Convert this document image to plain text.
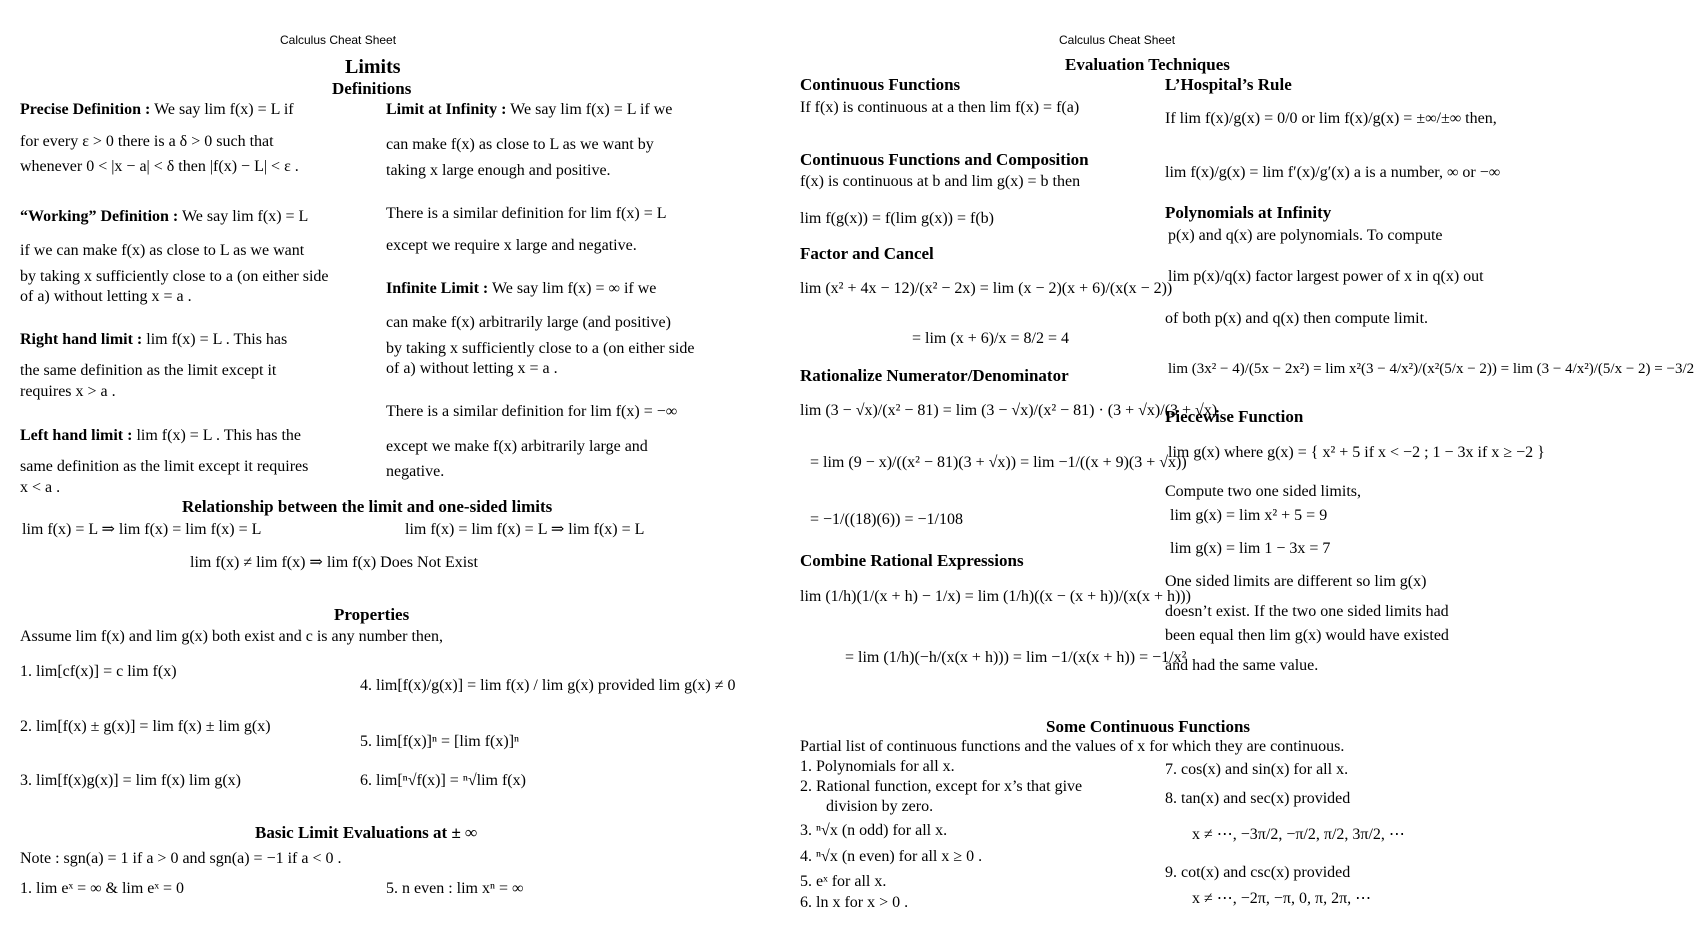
Calculus Cheat Sheet
Limits
Definitions
Precise Definition : We say lim f(x) = L if
for every ε > 0 there is a δ > 0 such that
whenever 0 < |x − a| < δ then |f(x) − L| < ε .
“Working” Definition : We say lim f(x) = L
if we can make f(x) as close to L as we want
by taking x sufficiently close to a (on either side
of a) without letting x = a .
Right hand limit : lim f(x) = L . This has
the same definition as the limit except it
requires x > a .
Left hand limit : lim f(x) = L . This has the
same definition as the limit except it requires
x < a .
Limit at Infinity : We say lim f(x) = L if we
can make f(x) as close to L as we want by
taking x large enough and positive.
There is a similar definition for lim f(x) = L
except we require x large and negative.
Infinite Limit : We say lim f(x) = ∞ if we
can make f(x) arbitrarily large (and positive)
by taking x sufficiently close to a (on either side
of a) without letting x = a .
There is a similar definition for lim f(x) = −∞
except we make f(x) arbitrarily large and
negative.
Relationship between the limit and one-sided limits
lim f(x) = L ⇒ lim f(x) = lim f(x) = L	lim f(x) = lim f(x) = L ⇒ lim f(x) = L
lim f(x) ≠ lim f(x) ⇒ lim f(x) Does Not Exist
Properties
Assume lim f(x) and lim g(x) both exist and c is any number then,
1. lim[cf(x)] = c lim f(x)
2. lim[f(x) ± g(x)] = lim f(x) ± lim g(x)
3. lim[f(x)g(x)] = lim f(x) lim g(x)
4. lim[f(x)/g(x)] = lim f(x) / lim g(x) provided lim g(x) ≠ 0
5. lim[f(x)]ⁿ = [lim f(x)]ⁿ
6. lim[ⁿ√f(x)] = ⁿ√lim f(x)
Basic Limit Evaluations at ± ∞
Note : sgn(a) = 1 if a > 0 and sgn(a) = −1 if a < 0 .
1. lim eˣ = ∞ & lim eˣ = 0	5. n even : lim xⁿ = ∞
Calculus Cheat Sheet
Evaluation Techniques
Continuous Functions
If f(x) is continuous at a then lim f(x) = f(a)
Continuous Functions and Composition
f(x) is continuous at b and lim g(x) = b then
lim f(g(x)) = f(lim g(x)) = f(b)
Factor and Cancel
lim (x² + 4x − 12)/(x² − 2x) = lim (x − 2)(x + 6)/(x(x − 2))
= lim (x + 6)/x = 8/2 = 4
Rationalize Numerator/Denominator
lim (3 − √x)/(x² − 81) = lim (3 − √x)/(x² − 81) · (3 + √x)/(3 + √x)
= lim (9 − x)/((x² − 81)(3 + √x)) = lim −1/((x + 9)(3 + √x))
= −1/((18)(6)) = −1/108
Combine Rational Expressions
lim (1/h)(1/(x + h) − 1/x) = lim (1/h)((x − (x + h))/(x(x + h)))
= lim (1/h)(−h/(x(x + h))) = lim −1/(x(x + h)) = −1/x²
L’Hospital’s Rule
If lim f(x)/g(x) = 0/0 or lim f(x)/g(x) = ±∞/±∞ then,
lim f(x)/g(x) = lim f′(x)/g′(x) a is a number, ∞ or −∞
Polynomials at Infinity
p(x) and q(x) are polynomials. To compute
lim p(x)/q(x) factor largest power of x in q(x) out
of both p(x) and q(x) then compute limit.
lim (3x² − 4)/(5x − 2x²) = lim x²(3 − 4/x²)/(x²(5/x − 2)) = lim (3 − 4/x²)/(5/x − 2) = −3/2
Piecewise Function
lim g(x) where g(x) = { x² + 5 if x < −2 ; 1 − 3x if x ≥ −2 }
Compute two one sided limits,
lim g(x) = lim x² + 5 = 9
lim g(x) = lim 1 − 3x = 7
One sided limits are different so lim g(x)
doesn’t exist. If the two one sided limits had
been equal then lim g(x) would have existed
and had the same value.
Some Continuous Functions
Partial list of continuous functions and the values of x for which they are continuous.
1. Polynomials for all x.
2. Rational function, except for x’s that give
division by zero.
3. ⁿ√x (n odd) for all x.
4. ⁿ√x (n even) for all x ≥ 0 .
5. eˣ for all x.
6. ln x for x > 0 .
7. cos(x) and sin(x) for all x.
8. tan(x) and sec(x) provided
x ≠ ⋯, −3π/2, −π/2, π/2, 3π/2, ⋯
9. cot(x) and csc(x) provided
x ≠ ⋯, −2π, −π, 0, π, 2π, ⋯
